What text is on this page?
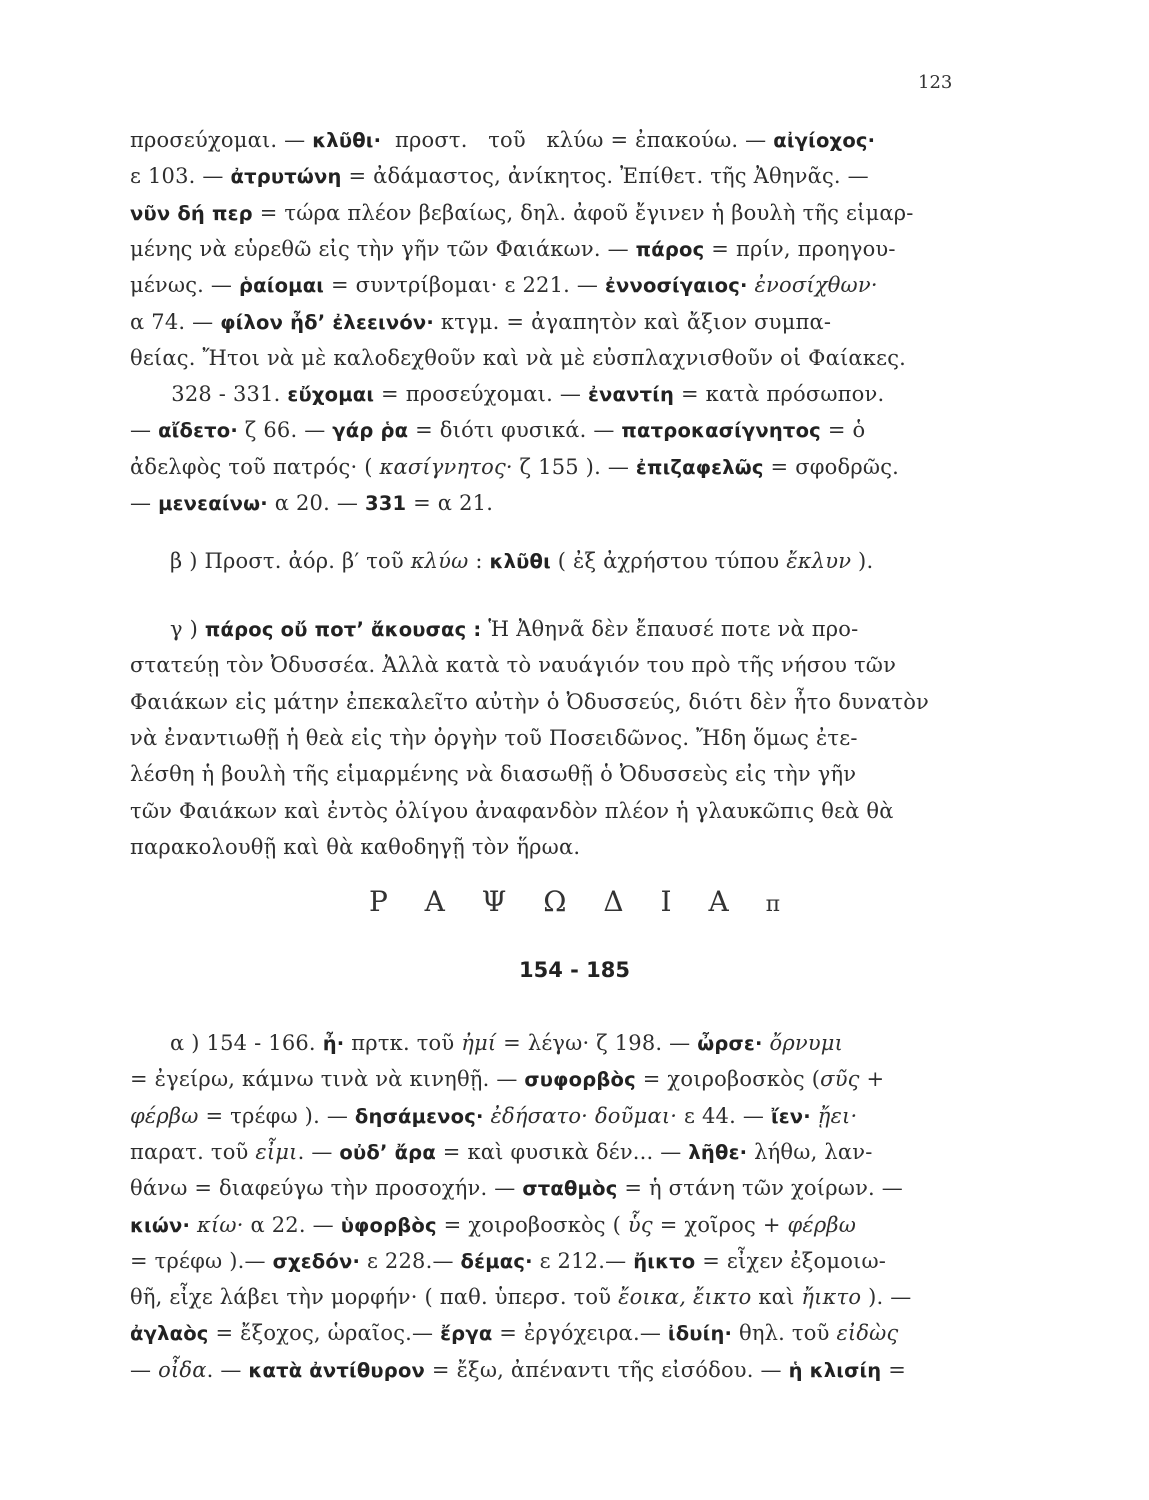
123
προσεύχομαι. — κλῦθι·  προστ.   τοῦ   κλύω = ἐπακούω. — αἰγίοχος·
ε 103. — ἀτρυτώνη = ἀδάμαστος, ἀνίκητος. Ἐπίθετ. τῆς Ἀθηνᾶς. —
νῦν δή περ = τώρα πλέον βεβαίως, δηλ. ἀφοῦ ἔγινεν ἡ βουλὴ τῆς εἱμαρ-
μένης νὰ εὑρεθῶ εἰς τὴν γῆν τῶν Φαιάκων. — πάρος = πρίν, προηγου-
μένως. — ῥαίομαι = συντρίβομαι· ε 221. — ἐννοσίγαιος· ἐνοσίχθων·
α 74. — φίλον ἦδ’ ἐλεεινόν· κτγμ. = ἀγαπητὸν καὶ ἄξιον συμπα-
θείας. Ἤτοι νὰ μὲ καλοδεχθοῦν καὶ νὰ μὲ εὐσπλαχνισθοῦν οἱ Φαίακες.
328 - 331. εὔχομαι = προσεύχομαι. — ἐναντίη = κατὰ πρόσωπον.
— αἴδετο· ζ 66. — γάρ ῥα = διότι φυσικά. — πατροκασίγνητος = ὁ
ἀδελφὸς τοῦ πατρός· ( κασίγνητος· ζ 155 ). — ἐπιζαφελῶς = σφοδρῶς.
— μενεαίνω· α 20. — 331 = α 21.
β ) Προστ. ἀόρ. β′ τοῦ κλύω : κλῦθι ( ἐξ ἀχρήστου τύπου ἔκλυν ).
γ ) πάρος οὔ ποτ’ ἄκουσας : Ἡ Ἀθηνᾶ δὲν ἔπαυσέ ποτε νὰ προ-
στατεύῃ τὸν Ὀδυσσέα. Ἀλλὰ κατὰ τὸ ναυάγιόν του πρὸ τῆς νήσου τῶν
Φαιάκων εἰς μάτην ἐπεκαλεῖτο αὐτὴν ὁ Ὀδυσσεύς, διότι δὲν ἦτο δυνατὸν
νὰ ἐναντιωθῇ ἡ θεὰ εἰς τὴν ὀργὴν τοῦ Ποσειδῶνος. Ἤδη ὅμως ἐτε-
λέσθη ἡ βουλὴ τῆς εἱμαρμένης νὰ διασωθῇ ὁ Ὀδυσσεὺς εἰς τὴν γῆν
τῶν Φαιάκων καὶ ἐντὸς ὀλίγου ἀναφανδὸν πλέον ἡ γλαυκῶπις θεὰ θὰ
παρακολουθῇ καὶ θὰ καθοδηγῇ τὸν ἥρωα.
Ρ Α Ψ Ω Δ Ι Α π
154 - 185
α ) 154 - 166. ἦ· πρτκ. τοῦ ἠμί = λέγω· ζ 198. — ὦρσε· ὄρνυμι
= ἐγείρω, κάμνω τινὰ νὰ κινηθῇ. — συφορβὸς = χοιροβοσκὸς (σῦς +
φέρβω = τρέφω ). — δησάμενος· ἐδήσατο· δοῦμαι· ε 44. — ἴεν· ᾔει·
παρατ. τοῦ εἶμι. — οὐδ’ ἄρα = καὶ φυσικὰ δέν... — λῆθε· λήθω, λαν-
θάνω = διαφεύγω τὴν προσοχήν. — σταθμὸς = ἡ στάνη τῶν χοίρων. —
κιών· κίω· α 22. — ὑφορβὸς = χοιροβοσκὸς ( ὗς = χοῖρος + φέρβω
= τρέφω ).— σχεδόν· ε 228.— δέμας· ε 212.— ἤικτο = εἶχεν ἐξομοιω-
θῆ, εἶχε λάβει τὴν μορφήν· ( παθ. ὑπερσ. τοῦ ἔοικα, ἔικτο καὶ ἤικτο ). —
ἀγλαὸς = ἔξοχος, ὡραῖος.— ἔργα = ἐργόχειρα.— ἰδυίη· θηλ. τοῦ εἰδὼς
— οἶδα. — κατὰ ἀντίθυρον = ἔξω, ἀπέναντι τῆς εἰσόδου. — ἡ κλισίη =
